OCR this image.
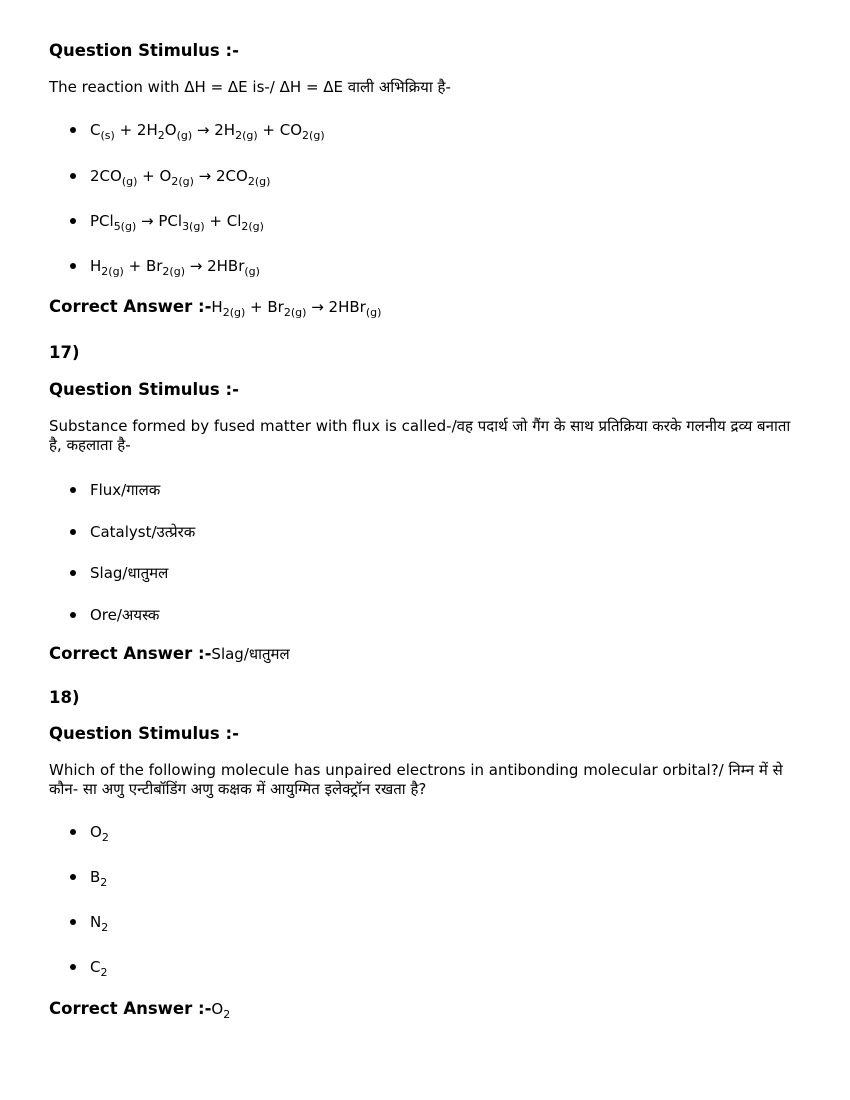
Question Stimulus :-
The reaction with ΔH = ΔE is-/ ΔH = ΔE वाली अभिक्रिया है-
$C_{(s)} + 2H_2O_{(g)} \to 2H_{2(g)} + CO_{2(g)}$
$2CO_{(g)} + O_{2(g)} \to 2CO_{2(g)}$
$PCl_{5(g)} \to PCl_{3(g)} + Cl_{2(g)}$
$H_{2(g)} + Br_{2(g)} \to 2HBr_{(g)}$
Correct Answer $:-H_{2(g)} + Br_{2(g)} \to 2HBr_{(g)}$
17)
Question Stimulus :-
Substance formed by fused matter with flux is called-/वह पदार्थ जो गैंग के साथ प्रतिक्रिया करके गलनीय द्रव्य बनाता है, कहलाता है-
Flux/गालक
Catalyst/उत्प्रेरक
Slag/धातुमल
Ore/अयस्क
Correct Answer :-Slag/धातुमल
18)
Question Stimulus :-
Which of the following molecule has unpaired electrons in antibonding molecular orbital?/ निम्न में से कौन- सा अणु एन्टीबॉडिंग अणु कक्षक में आयुग्मित इलेक्ट्रॉन रखता है?
$O_2$
$B_2$
$N_2$
$C_2$
Correct Answer $:-O_2$
